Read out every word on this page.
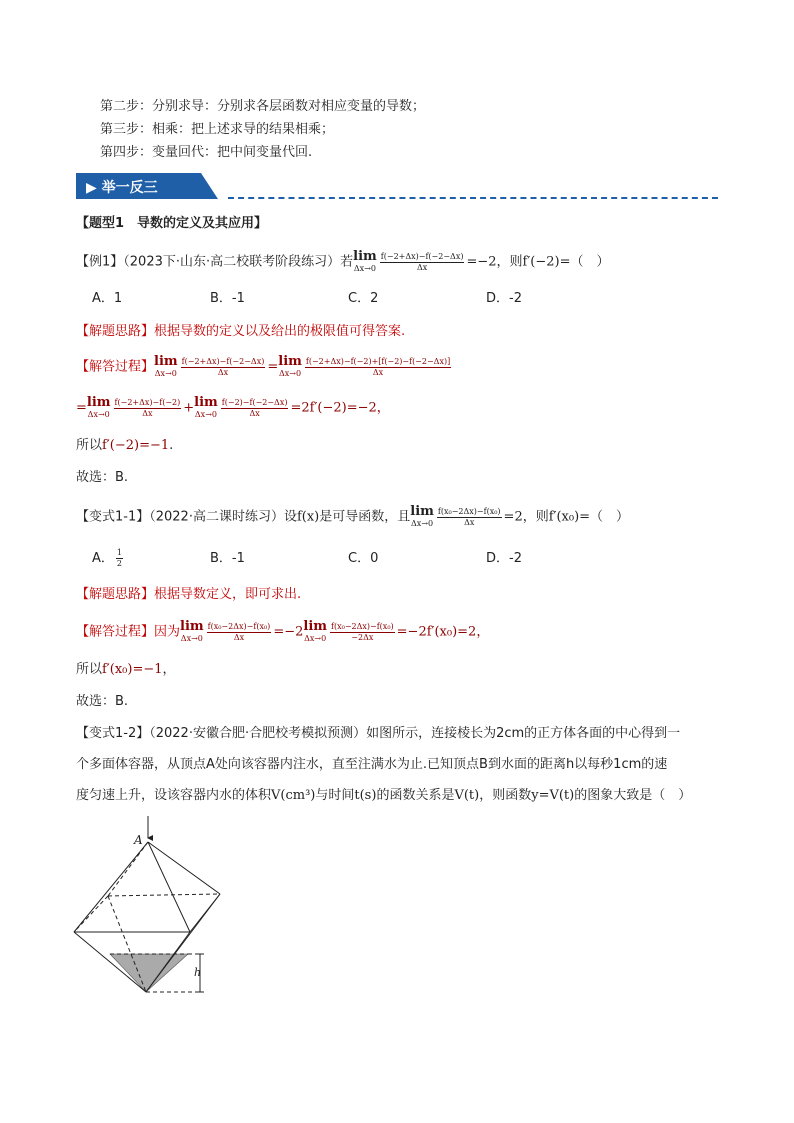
第二步：分别求导：分别求各层函数对相应变量的导数；
第三步：相乘：把上述求导的结果相乘；
第四步：变量回代：把中间变量代回.
▶ 举一反三
【题型1　导数的定义及其应用】
【例1】（2023下·山东·高二校联考阶段练习）若 lim
$\Delta x\to 0 \frac{f(-2+\Delta x)-f(-2-\Delta x)}{\Delta x} =-2$，则f′(−2)=（　）
A．1	B．-1	C．2	D．-2
【解题思路】根据导数的定义以及给出的极限值可得答案.
【解答过程】 lim
$\Delta x\to 0 \frac{f(-2+\Delta x)-f(-2-\Delta x)}{\Delta x} = \lim$
$\Delta x\to 0 \frac{f(-2+\Delta x)-f(-2)+[f(-2)-f(-2-\Delta x)]}{\Delta x}$
= lim
$\Delta x\to 0 \frac{f(-2+\Delta x)-f(-2)}{\Delta x} + \lim$
$\Delta x\to 0 \frac{f(-2)-f(-2-\Delta x)}{\Delta x} =2f'(-2)=-2$，
所以f′(−2)=−1.
故选：B.
【变式1-1】（2022·高二课时练习）设f(x)是可导函数，且 lim
$\Delta x\to 0 \frac{\text{f(x₀−2Δx)−f(x₀)}}{\Delta x} =2$，则f′(x₀)=（　）
A． $\frac{1}{2}$	B．-1	C．0	D．-2
【解题思路】根据导数定义，即可求出.
【解答过程】因为 lim
$\Delta x\to 0 \frac{\text{f(x₀−2Δx)−f(x₀)}}{\Delta x} =-2$ lim
$\Delta x\to 0 \frac{\text{f(x₀−2Δx)−f(x₀)}}{-2\Delta x} =-2f'(x_0)=2$，
所以f′(x₀)=−1，
故选：B.
【变式1-2】（2022·安徽合肥·合肥校考模拟预测）如图所示，连接棱长为2cm的正方体各面的中心得到一
个多面体容器，从顶点A处向该容器内注水，直至注满水为止.已知顶点B到水面的距离h以每秒1cm的速
度匀速上升，设该容器内水的体积V(cm³)与时间t(s)的函数关系是V(t)，则函数y=V(t)的图象大致是（　）
A
h
